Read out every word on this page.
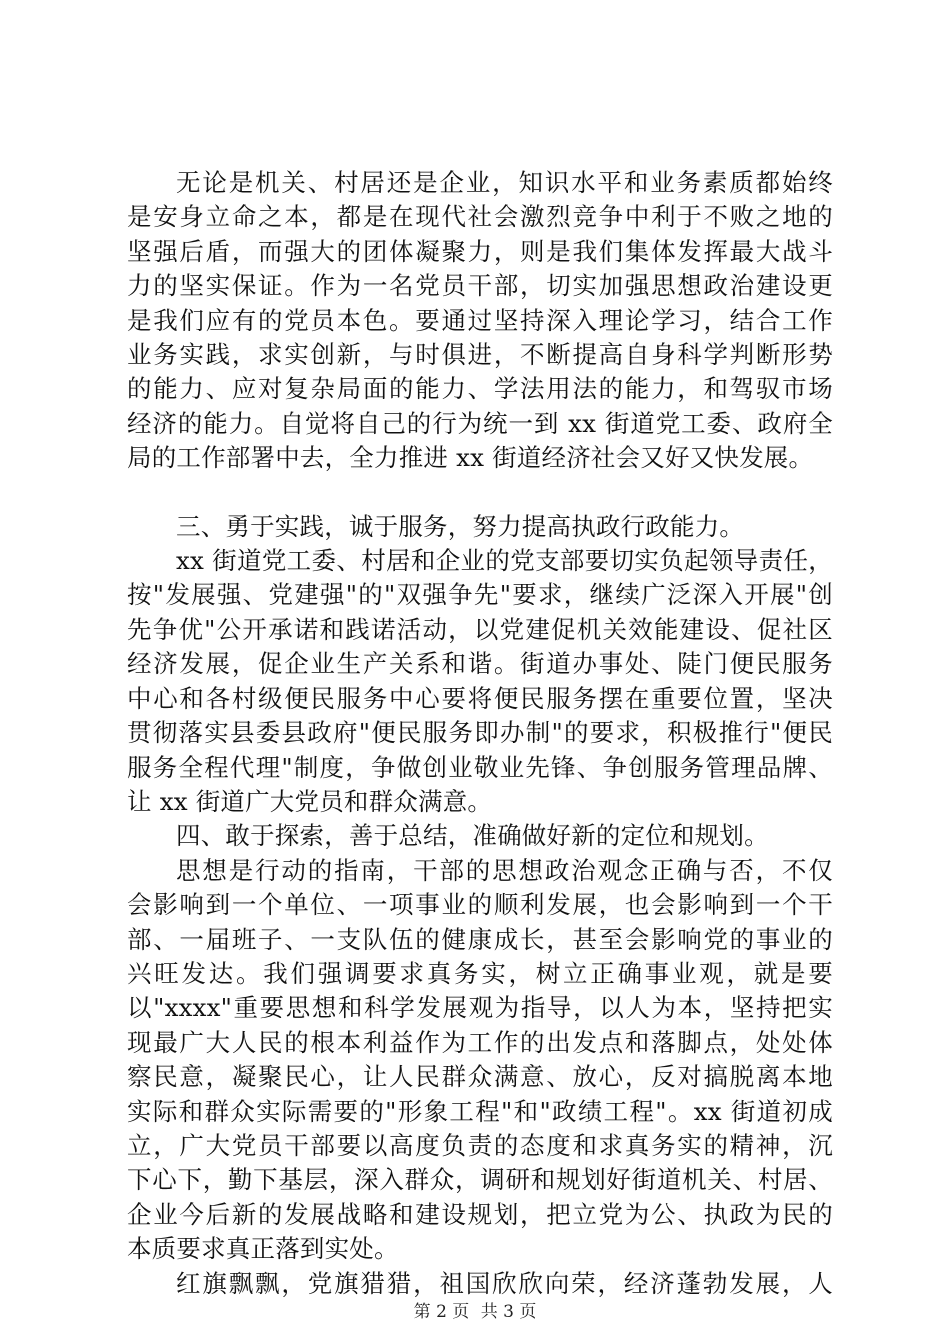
无论是机关、村居还是企业，知识水平和业务素质都始终
是安身立命之本，都是在现代社会激烈竞争中利于不败之地的
坚强后盾，而强大的团体凝聚力，则是我们集体发挥最大战斗
力的坚实保证。作为一名党员干部，切实加强思想政治建设更
是我们应有的党员本色。要通过坚持深入理论学习，结合工作
业务实践，求实创新，与时俱进，不断提高自身科学判断形势
的能力、应对复杂局面的能力、学法用法的能力，和驾驭市场
经济的能力。自觉将自己的行为统一到 xx 街道党工委、政府全
局的工作部署中去，全力推进 xx 街道经济社会又好又快发展。

三、勇于实践，诚于服务，努力提高执政行政能力。

xx 街道党工委、村居和企业的党支部要切实负起领导责任，
按"发展强、党建强"的"双强争先"要求，继续广泛深入开展"创
先争优"公开承诺和践诺活动，以党建促机关效能建设、促社区
经济发展，促企业生产关系和谐。街道办事处、陡门便民服务
中心和各村级便民服务中心要将便民服务摆在重要位置，坚决
贯彻落实县委县政府"便民服务即办制"的要求，积极推行"便民
服务全程代理"制度，争做创业敬业先锋、争创服务管理品牌、
让 xx 街道广大党员和群众满意。

四、敢于探索，善于总结，准确做好新的定位和规划。

思想是行动的指南，干部的思想政治观念正确与否，不仅
会影响到一个单位、一项事业的顺利发展，也会影响到一个干
部、一届班子、一支队伍的健康成长，甚至会影响党的事业的
兴旺发达。我们强调要求真务实，树立正确事业观，就是要
以"xxxx"重要思想和科学发展观为指导，以人为本，坚持把实
现最广大人民的根本利益作为工作的出发点和落脚点，处处体
察民意，凝聚民心，让人民群众满意、放心，反对搞脱离本地
实际和群众实际需要的"形象工程"和"政绩工程"。xx 街道初成
立，广大党员干部要以高度负责的态度和求真务实的精神，沉
下心下，勤下基层，深入群众，调研和规划好街道机关、村居、
企业今后新的发展战略和建设规划，把立党为公、执政为民的
本质要求真正落到实处。

红旗飘飘，党旗猎猎，祖国欣欣向荣，经济蓬勃发展，人

第 2 页 共 3 页
